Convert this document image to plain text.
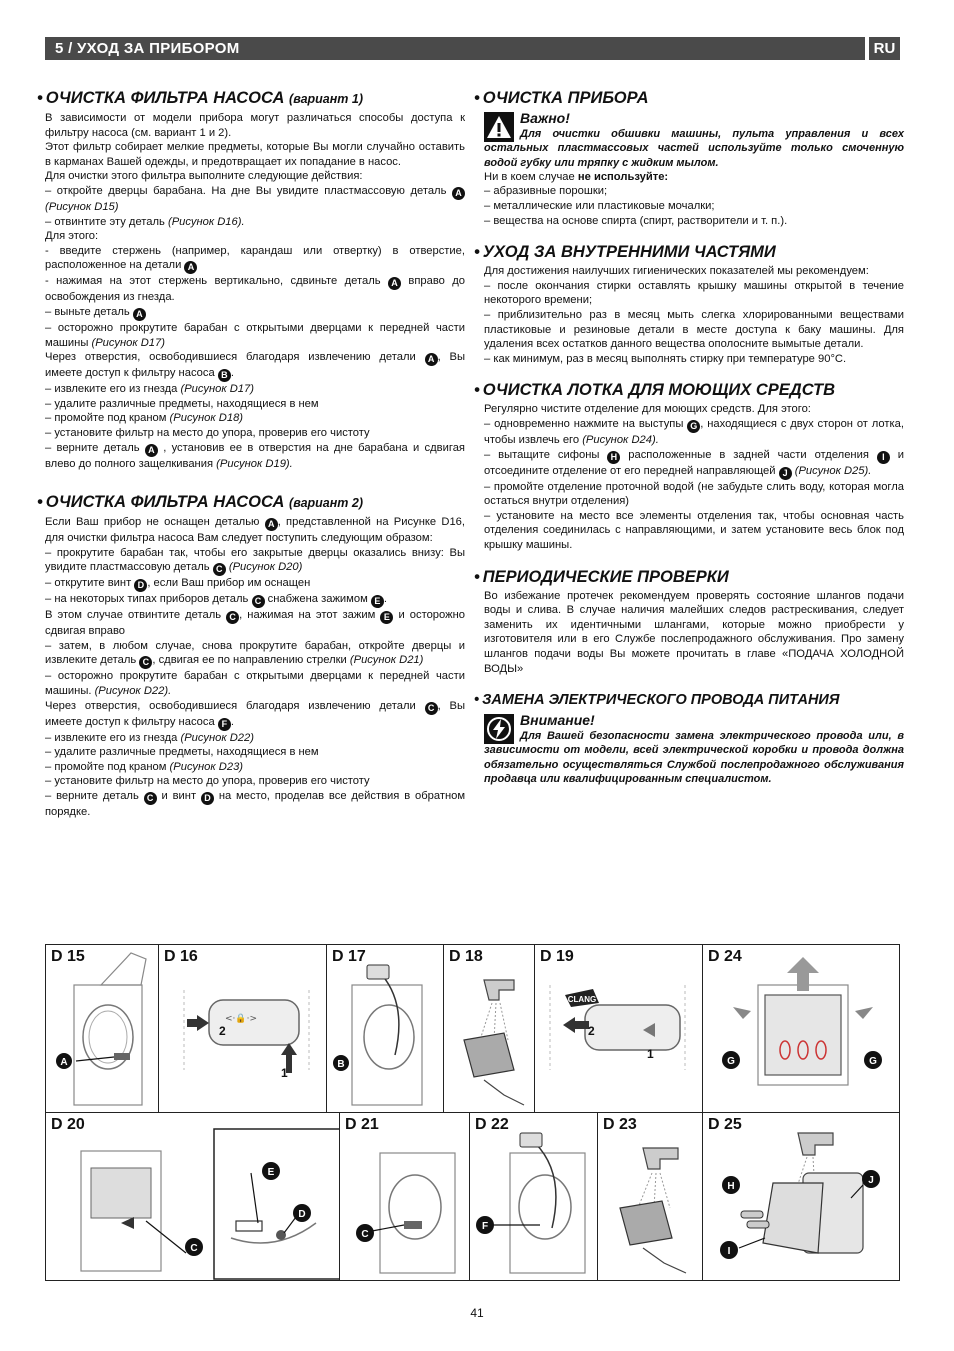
5 / УХОД ЗА ПРИБОРОМ	RU
• ОЧИСТКА ФИЛЬТРА НАСОСА (вариант 1)
В зависимости от модели прибора могут различаться способы доступа к фильтру насоса (см. вариант 1 и 2).
Этот фильтр собирает мелкие предметы, которые Вы могли случайно оставить в карманах Вашей одежды, и предотвращает их попадание в насос.
Для очистки этого фильтра выполните следующие действия:
– откройте дверцы барабана. На дне Вы увидите пластмассовую деталь A (Рисунок D15)
– отвинтите эту деталь (Рисунок D16).
Для этого:
- введите стержень (например, карандаш или отвертку) в отверстие, расположенное на детали A
- нажимая на этот стержень вертикально, сдвиньте деталь A вправо до освобождения из гнезда.
– выньте деталь A
– осторожно прокрутите барабан с открытыми дверцами к передней части машины (Рисунок D17)
Через отверстия, освободившиеся благодаря извлечению детали A , Вы имеете доступ к фильтру насоса B .
– извлеките его из гнезда (Рисунок D17)
– удалите различные предметы, находящиеся в нем
– промойте под краном (Рисунок D18)
– установите фильтр на место до упора, проверив его чистоту
– верните деталь A , установив ее в отверстия на дне барабана и сдвигая влево до полного защелкивания (Рисунок D19).
• ОЧИСТКА ФИЛЬТРА НАСОСА (вариант 2)
Если Ваш прибор не оснащен деталью A , представленной на Рисунке D16, для очистки фильтра насоса Вам следует поступить следующим образом:
– прокрутите барабан так, чтобы его закрытые дверцы оказались внизу: Вы увидите пластмассовую деталь C (Рисунок D20)
– открутите винт D , если Ваш прибор им оснащен
– на некоторых типах приборов деталь C снабжена зажимом E .
В этом случае отвинтите деталь C , нажимая на этот зажим E и осторожно сдвигая вправо
– затем, в любом случае, снова прокрутите барабан, откройте дверцы и извлеките деталь C , сдвигая ее по направлению стрелки (Рисунок D21)
– осторожно прокрутите барабан с открытыми дверцами к передней части машины. (Рисунок D22).
Через отверстия, освободившиеся благодаря извлечению детали C , Вы имеете доступ к фильтру насоса F .
– извлеките его из гнезда (Рисунок D22)
– удалите различные предметы, находящиеся в нем
– промойте под краном (Рисунок D23)
– установите фильтр на место до упора, проверив его чистоту
– верните деталь C и винт D на место, проделав все действия в обратном порядке.
• ОЧИСТКА ПРИБОРА
Важно!
Для очистки обшивки машины, пульта управления и всех остальных пластмассовых частей используйте только смоченную водой губку или тряпку с жидким мылом.
Ни в коем случае не используйте:
– абразивные порошки;
– металлические или пластиковые мочалки;
– вещества на основе спирта (спирт, растворители и т. п.).
• УХОД ЗА ВНУТРЕННИМИ ЧАСТЯМИ
Для достижения наилучших гигиенических показателей мы рекомендуем:
– после окончания стирки оставлять крышку машины открытой в течение некоторого времени;
– приблизительно раз в месяц мыть слегка хлорированными веществами пластиковые и резиновые детали в месте доступа к баку машины. Для удаления всех остатков данного вещества ополосните вымытые детали.
– как минимум, раз в месяц выполнять стирку при температуре 90°C.
• ОЧИСТКА ЛОТКА ДЛЯ МОЮЩИХ СРЕДСТВ
Регулярно чистите отделение для моющих средств. Для этого:
– одновременно нажмите на выступы G , находящиеся с двух сторон от лотка, чтобы извлечь его (Рисунок D24).
– вытащите сифоны H расположенные в задней части отделения I и отсоедините отделение от его передней направляющей J (Рисунок D25).
– промойте отделение проточной водой (не забудьте слить воду, которая могла остаться внутри отделения)
– установите на место все элементы отделения так, чтобы основная часть отделения соединилась с направляющими, и затем установите весь блок под крышку машины.
• ПЕРИОДИЧЕСКИЕ ПРОВЕРКИ
Во избежание протечек рекомендуем проверять состояние шлангов подачи воды и слива. В случае наличия малейших следов растрескивания, следует заменить их идентичными шлангами, которые можно приобрести у изготовителя или в его Службе послепродажного обслуживания. Про замену шлангов подачи воды Вы можете прочитать в главе «ПОДАЧА ХОЛОДНОЙ ВОДЫ»
• ЗАМЕНА ЭЛЕКТРИЧЕСКОГО ПРОВОДА ПИТАНИЯ
Внимание!
Для Вашей безопасности замена электрического провода или, в зависимости от модели, всей электрической коробки и провода должна обязательно осуществляться Службой послепродажного обслуживания продавца или квалифицированным специалистом.
A
D 15
<·🔒·>
2
1
D 16
B
D 17	D 18
CLANG
2
1
D 19
G	G
D 24
E
D
C
D 20
C
D 21
F
D 22	D 23
H
J
I
D 25
41
